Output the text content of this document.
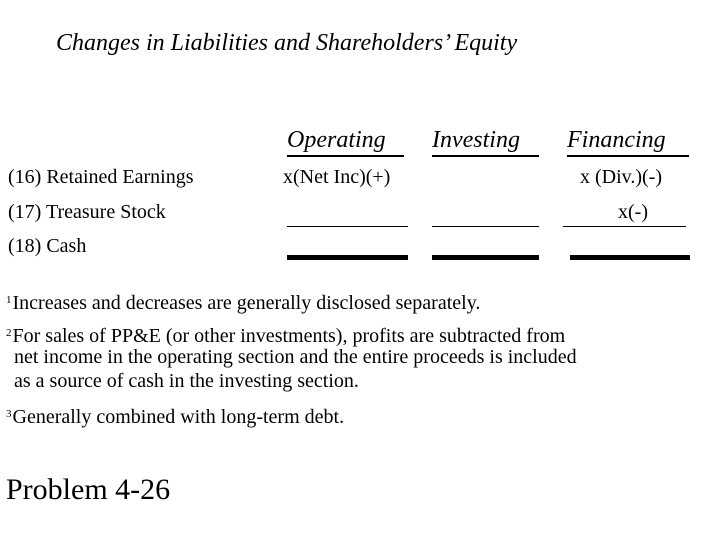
Changes in Liabilities and Shareholders’ Equity
Operating Investing Financing
(16) Retained Earnings
(17) Treasure Stock
(18) Cash
x(Net Inc)(+)	x (Div.)(-)
x(-)
$^1$Increases and decreases are generally disclosed separately.
$^2$For sales of PP&E (or other investments), profits are subtracted from
net income in the operating section and the entire proceeds is included
as a source of cash in the investing section.
$^3$Generally combined with long-term debt.
Problem 4-26
